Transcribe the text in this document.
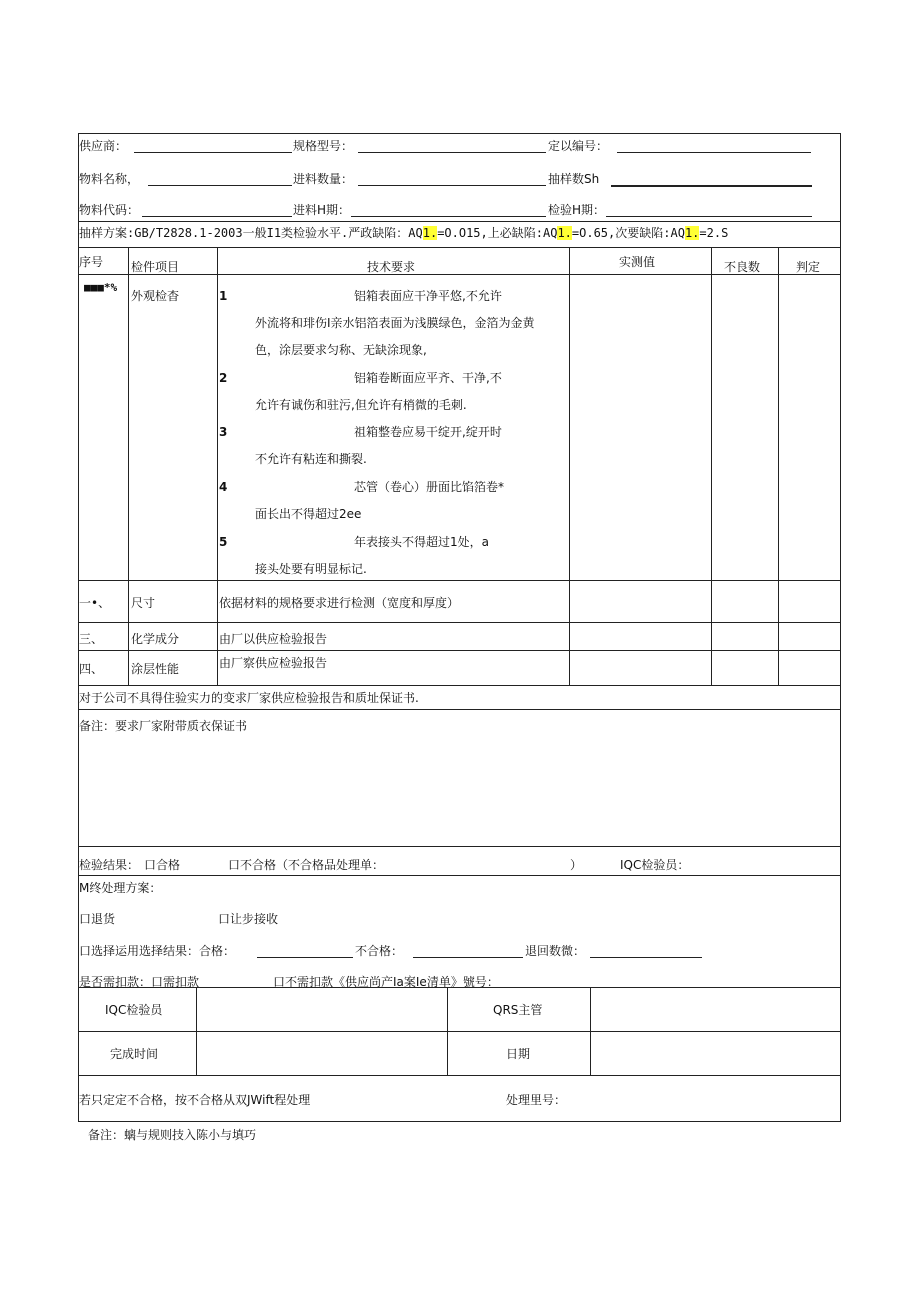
供应商：	规格型号：	定以编号：
物料名称，	进料数量：	抽样数Sh
物料代码：	进料H期：	检验H期：
抽样方案:GB/T2828.1-2003一般I1类检验水平.严政缺陷：AQ1.=O.O15,上必缺陷:AQ1.=O.65,次要缺陷:AQ1.=2.S
序号 检件项目	技术要求	实测值	不良数	判定
■■■*%
外观检杳	1	铝箱表面应干净平悠,不允许
外流将和琲伤I亲水铝箔表面为浅膜绿色，金箔为金黄
色，涂层要求匀称、无缺涂现象,
2	铝箱卷断面应平齐、干净,不
允许有诚伤和驻污,但允许有梢微的毛刺.
3	祖箱整卷应易干绽开,绽开时
不允许有粘连和撕裂.
4	芯管（卷心）册面比馅箔卷*
面长出不得超过2ee
5	年表接头不得超过1处，a
接头处要有明显标记.
一•、 尺寸	依据材料的规格要求进行检测（宽度和厚度）
三、 化学成分	由厂以供应检验报告
四、 涂层性能	由厂察供应检验报告
对于公司不具得住验实力的变求厂家供应检验报告和质址保证书.
备注：要求厂家附带质衣保证书
检验结果： 口合格	口不合格（不合格品处理单：	）	IQC检验员：
M终处理方案：
口退货	口让步接收
口选择运用选择结果：合格：	不合格：	退回数微：
是否需扣款：口需扣款	口不需扣款《供应尚产Ia案Ie清单》號号：
IQC检验员	QRS主管
完成时间	日期
若只定定不合格，按不合格从双JWift程处理	处理里号：
备注：螭与规则技入陈小与填巧
